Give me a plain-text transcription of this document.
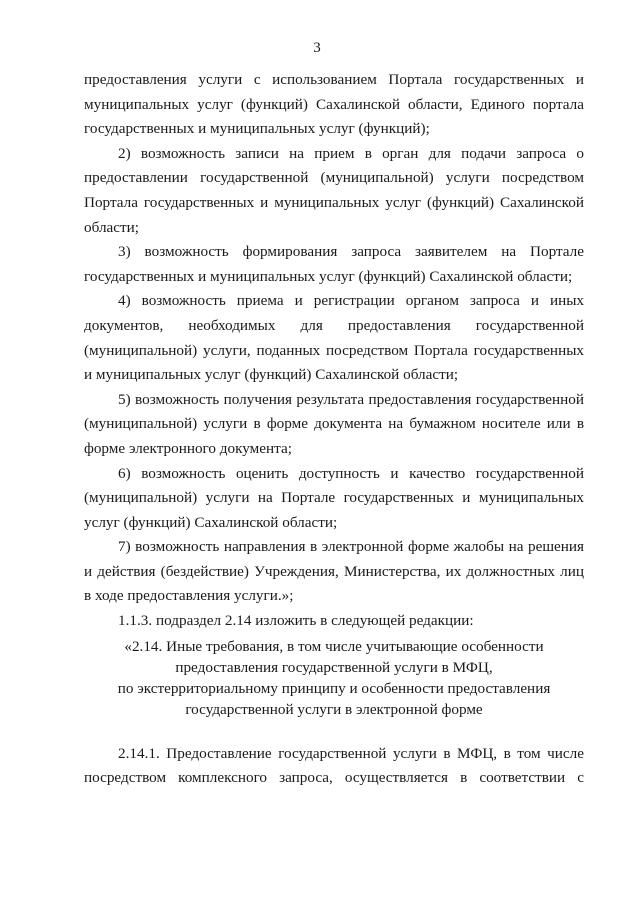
3

предоставления услуги с использованием Портала государственных и муниципальных услуг (функций) Сахалинской области, Единого портала государственных и муниципальных услуг (функций);

2) возможность записи на прием в орган для подачи запроса о предоставлении государственной (муниципальной) услуги посредством Портала государственных и муниципальных услуг (функций) Сахалинской области;

3) возможность формирования запроса заявителем на Портале государственных и муниципальных услуг (функций) Сахалинской области;

4) возможность приема и регистрации органом запроса и иных документов, необходимых для предоставления государственной (муниципальной) услуги, поданных посредством Портала государственных и муниципальных услуг (функций) Сахалинской области;

5) возможность получения результата предоставления государственной (муниципальной) услуги в форме документа на бумажном носителе или в форме электронного документа;

6) возможность оценить доступность и качество государственной (муниципальной) услуги на Портале государственных и муниципальных услуг (функций) Сахалинской области;

7) возможность направления в электронной форме жалобы на решения и действия (бездействие) Учреждения, Министерства, их должностных лиц в ходе предоставления услуги.»;

1.1.3. подраздел 2.14 изложить в следующей редакции:

«2.14. Иные требования, в том числе учитывающие особенности
предоставления государственной услуги в МФЦ,
по экстерриториальному принципу и особенности предоставления
государственной услуги в электронной форме

2.14.1. Предоставление государственной услуги в МФЦ, в том числе посредством комплексного запроса, осуществляется в соответствии с
